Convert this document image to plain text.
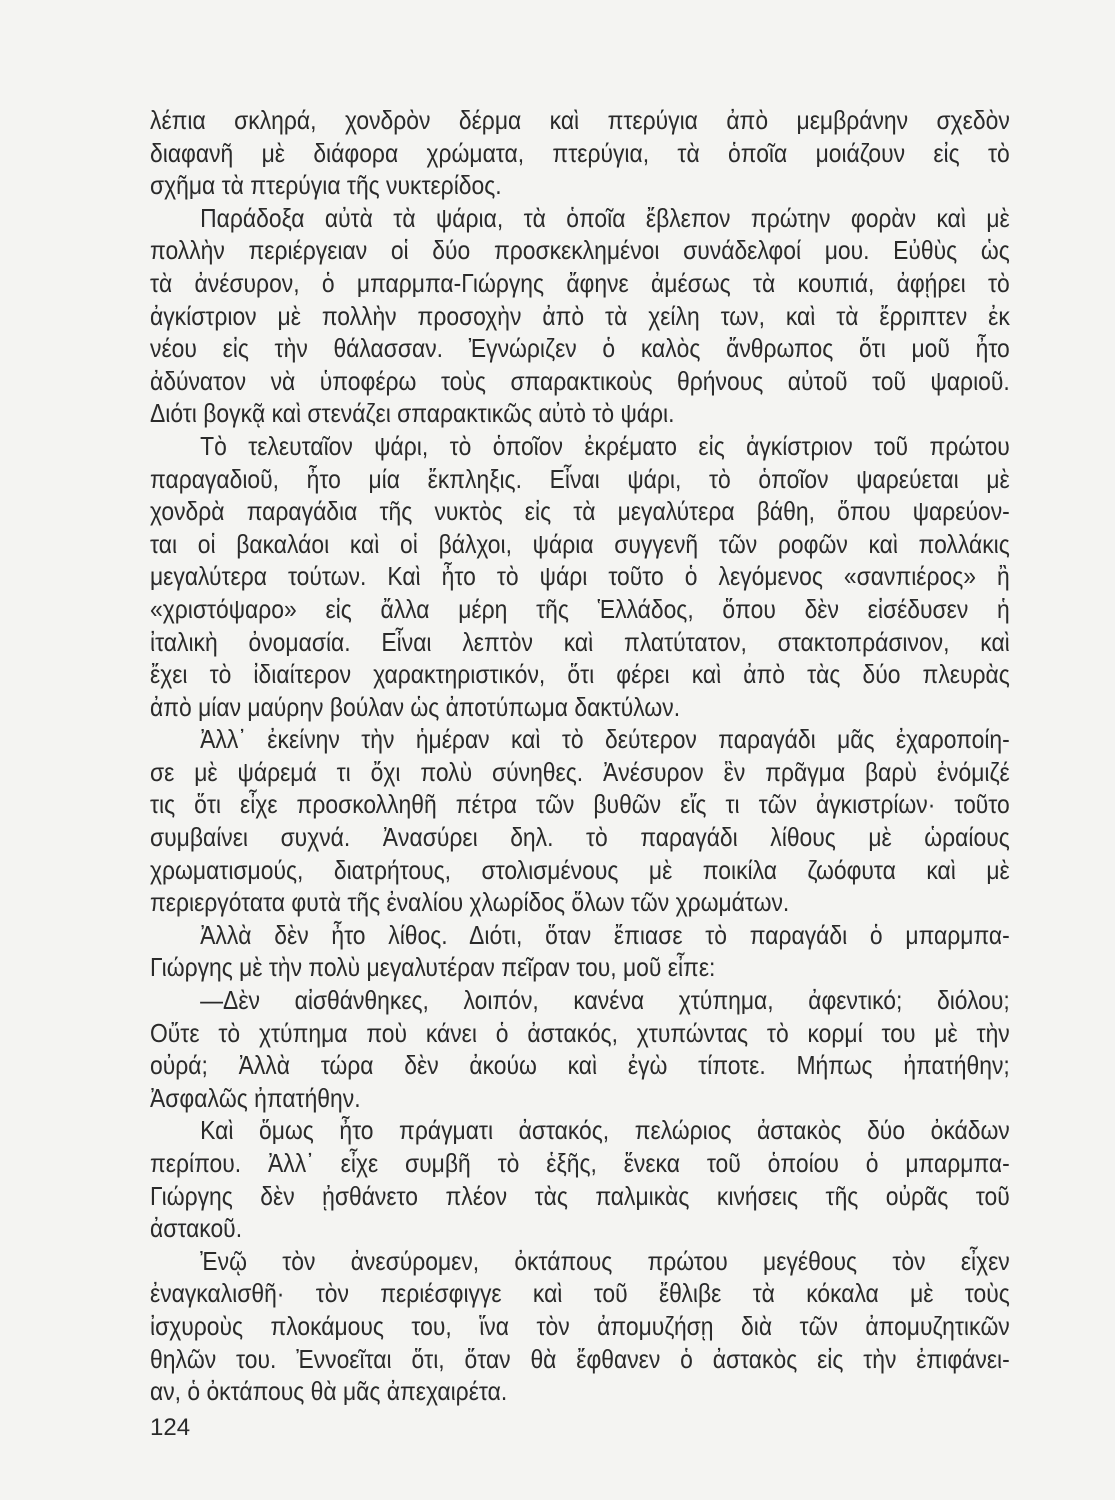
λέπια σκληρά, χονδρὸν δέρμα καὶ πτερύγια ἀπὸ μεμβράνην σχεδὸν
διαφανῆ μὲ διάφορα χρώματα, πτερύγια, τὰ ὁποῖα μοιάζουν εἰς τὸ
σχῆμα τὰ πτερύγια τῆς νυκτερίδος.
Παράδοξα αὐτὰ τὰ ψάρια, τὰ ὁποῖα ἔβλεπον πρώτην φορὰν καὶ μὲ
πολλὴν περιέργειαν οἱ δύο προσκεκλημένοι συνάδελφοί μου. Εὐθὺς ὡς
τὰ ἀνέσυρον, ὁ μπαρμπα-Γιώργης ἄφηνε ἀμέσως τὰ κουπιά, ἀφῄρει τὸ
ἀγκίστριον μὲ πολλὴν προσοχὴν ἀπὸ τὰ χείλη των, καὶ τὰ ἔρριπτεν ἐκ
νέου εἰς τὴν θάλασσαν. Ἐγνώριζεν ὁ καλὸς ἄνθρωπος ὅτι μοῦ ἦτο
ἀδύνατον νὰ ὑποφέρω τοὺς σπαρακτικοὺς θρήνους αὐτοῦ τοῦ ψαριοῦ.
Διότι βογκᾷ καὶ στενάζει σπαρακτικῶς αὐτὸ τὸ ψάρι.
Τὸ τελευταῖον ψάρι, τὸ ὁποῖον ἐκρέματο εἰς ἀγκίστριον τοῦ πρώτου
παραγαδιοῦ, ἦτο μία ἔκπληξις. Εἶναι ψάρι, τὸ ὁποῖον ψαρεύεται μὲ
χονδρὰ παραγάδια τῆς νυκτὸς εἰς τὰ μεγαλύτερα βάθη, ὅπου ψαρεύον-
ται οἱ βακαλάοι καὶ οἱ βάλχοι, ψάρια συγγενῆ τῶν ροφῶν καὶ πολλάκις
μεγαλύτερα τούτων. Καὶ ἦτο τὸ ψάρι τοῦτο ὁ λεγόμενος «σανπιέρος» ἢ
«χριστόψαρο» εἰς ἄλλα μέρη τῆς Ἑλλάδος, ὅπου δὲν εἰσέδυσεν ἡ
ἰταλικὴ ὀνομασία. Εἶναι λεπτὸν καὶ πλατύτατον, στακτοπράσινον, καὶ
ἔχει τὸ ἰδιαίτερον χαρακτηριστικόν, ὅτι φέρει καὶ ἀπὸ τὰς δύο πλευρὰς
ἀπὸ μίαν μαύρην βούλαν ὡς ἀποτύπωμα δακτύλων.
Ἀλλ᾽ ἐκείνην τὴν ἡμέραν καὶ τὸ δεύτερον παραγάδι μᾶς ἐχαροποίη-
σε μὲ ψάρεμά τι ὄχι πολὺ σύνηθες. Ἀνέσυρον ἓν πρᾶγμα βαρὺ ἐνόμιζέ
τις ὅτι εἶχε προσκολληθῆ πέτρα τῶν βυθῶν εἴς τι τῶν ἀγκιστρίων· τοῦτο
συμβαίνει συχνά. Ἀνασύρει δηλ. τὸ παραγάδι λίθους μὲ ὡραίους
χρωματισμούς, διατρήτους, στολισμένους μὲ ποικίλα ζωόφυτα καὶ μὲ
περιεργότατα φυτὰ τῆς ἐναλίου χλωρίδος ὅλων τῶν χρωμάτων.
Ἀλλὰ δὲν ἦτο λίθος. Διότι, ὅταν ἔπιασε τὸ παραγάδι ὁ μπαρμπα-
Γιώργης μὲ τὴν πολὺ μεγαλυτέραν πεῖραν του, μοῦ εἶπε:
—Δὲν αἰσθάνθηκες, λοιπόν, κανένα χτύπημα, ἀφεντικό; διόλου;
Οὔτε τὸ χτύπημα ποὺ κάνει ὁ ἀστακός, χτυπώντας τὸ κορμί του μὲ τὴν
οὐρά; Ἀλλὰ τώρα δὲν ἀκούω καὶ ἐγὼ τίποτε. Μήπως ἠπατήθην;
Ἀσφαλῶς ἠπατήθην.
Καὶ ὅμως ἦτο πράγματι ἀστακός, πελώριος ἀστακὸς δύο ὀκάδων
περίπου. Ἀλλ᾽ εἶχε συμβῆ τὸ ἑξῆς, ἕνεκα τοῦ ὁποίου ὁ μπαρμπα-
Γιώργης δὲν ᾐσθάνετο πλέον τὰς παλμικὰς κινήσεις τῆς οὐρᾶς τοῦ
ἀστακοῦ.
Ἐνῷ τὸν ἀνεσύρομεν, ὀκτάπους πρώτου μεγέθους τὸν εἶχεν
ἐναγκαλισθῆ· τὸν περιέσφιγγε καὶ τοῦ ἔθλιβε τὰ κόκαλα μὲ τοὺς
ἰσχυροὺς πλοκάμους του, ἵνα τὸν ἀπομυζήσῃ διὰ τῶν ἀπομυζητικῶν
θηλῶν του. Ἐννοεῖται ὅτι, ὅταν θὰ ἔφθανεν ὁ ἀστακὸς εἰς τὴν ἐπιφάνει-
αν, ὁ ὀκτάπους θὰ μᾶς ἀπεχαιρέτα.
124
